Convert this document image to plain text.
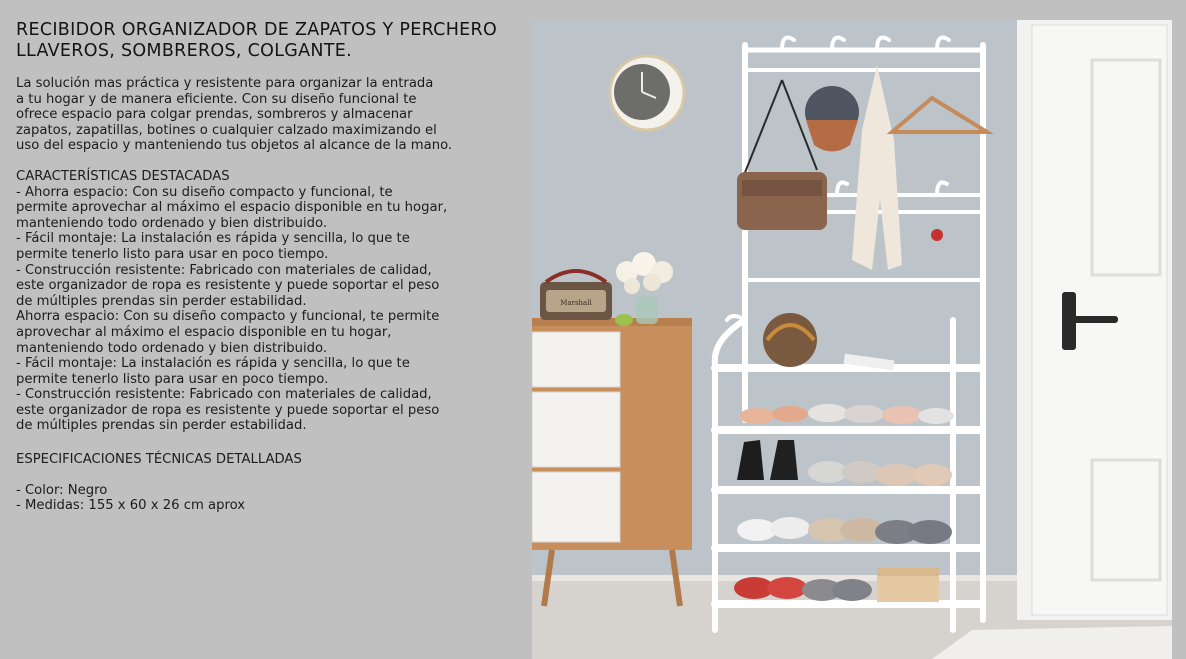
RECIBIDOR ORGANIZADOR DE ZAPATOS Y PERCHERO LLAVEROS, SOMBREROS, COLGANTE.

La solución mas práctica y resistente para organizar la entrada
a tu hogar y de manera eficiente. Con su diseño funcional te
ofrece espacio para colgar prendas, sombreros y almacenar
zapatos, zapatillas, botines o cualquier calzado maximizando el
uso del espacio y manteniendo tus objetos al alcance de la mano.

CARACTERÍSTICAS DESTACADAS

- Ahorra espacio: Con su diseño compacto y funcional, te
permite aprovechar al máximo el espacio disponible en tu hogar,
manteniendo todo ordenado y bien distribuido.
- Fácil montaje: La instalación es rápida y sencilla, lo que te
permite tenerlo listo para usar en poco tiempo.
- Construcción resistente: Fabricado con materiales de calidad,
este organizador de ropa es resistente y puede soportar el peso
de múltiples prendas sin perder estabilidad.
Ahorra espacio: Con su diseño compacto y funcional, te permite
aprovechar al máximo el espacio disponible en tu hogar,
manteniendo todo ordenado y bien distribuido.
- Fácil montaje: La instalación es rápida y sencilla, lo que te
permite tenerlo listo para usar en poco tiempo.
- Construcción resistente: Fabricado con materiales de calidad,
este organizador de ropa es resistente y puede soportar el peso
de múltiples prendas sin perder estabilidad.

ESPECIFICACIONES TÉCNICAS DETALLADAS

- Color: Negro
- Medidas: 155 x 60 x 26 cm aprox

Marshall
